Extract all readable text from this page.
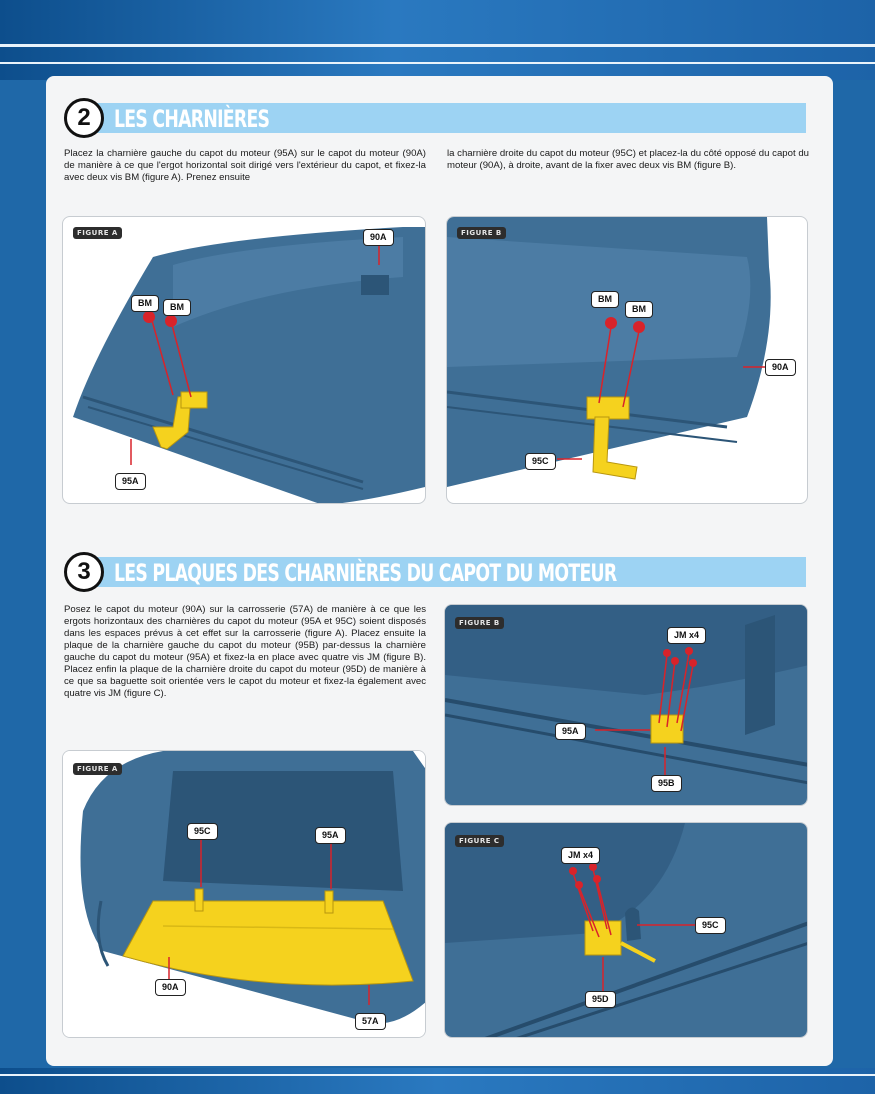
2 LES CHARNIÈRES
Placez la charnière gauche du capot du moteur (95A) sur le capot du moteur (90A) de manière à ce que l'ergot horizontal soit dirigé vers l'extérieur du capot, et fixez-la avec deux vis BM (figure A). Prenez ensuite
la charnière droite du capot du moteur (95C) et placez-la du côté opposé du capot du moteur (90A), à droite, avant de la fixer avec deux vis BM (figure B).
FIGURE A
BM	BM
90A
95A
FIGURE B
BM
BM
90A
95C
3 LES PLAQUES DES CHARNIÈRES DU CAPOT DU MOTEUR
Posez le capot du moteur (90A) sur la carrosserie (57A) de manière à ce que les ergots horizontaux des charnières du capot du moteur (95A et 95C) soient disposés dans les espaces prévus à cet effet sur la carrosserie (figure A). Placez ensuite la plaque de la charnière gauche du capot du moteur (95B) par-dessus la charnière gauche du capot du moteur (95A) et fixez-la en place avec quatre vis JM (figure B). Placez enfin la plaque de la charnière droite du capot du moteur (95D) de manière à ce que sa baguette soit orientée vers le capot du moteur et fixez-la également avec quatre vis JM (figure C).
FIGURE B
JM x4
95A
95B
FIGURE A
95C	95A
90A
57A
FIGURE C
JM x4
95C
95D
